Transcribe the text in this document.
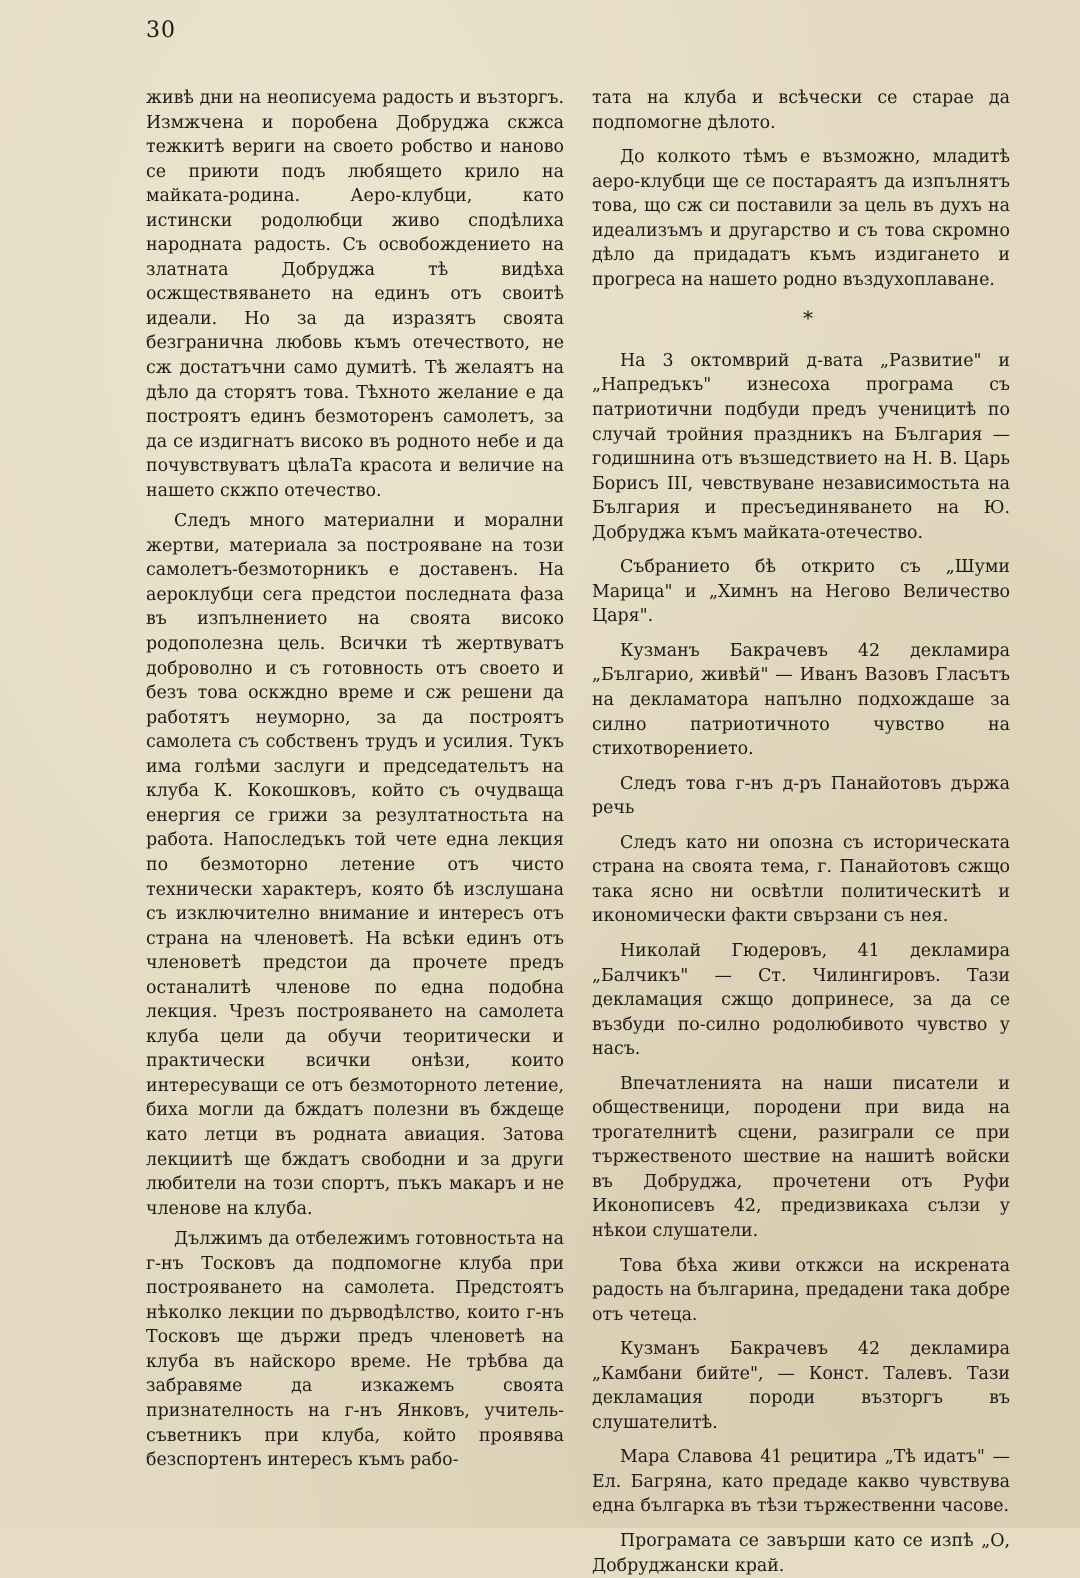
30

живѣ дни на неописуема радость и възторгъ. Измжчена и поробена Добруджа скжса тежкитѣ вериги на своето робство и наново се приюти подъ любящето крило на майката-родина. Аеро-клубци, като истински родолюбци живо сподѣлиха народната радость. Съ освобождението на златната Добруджа тѣ видѣха осжществяването на единъ отъ своитѣ идеали. Но за да изразятъ своята безгранична любовь къмъ отечеството, не сж достатъчни само думитѣ. Тѣ желаятъ на дѣло да сторятъ това. Тѣхното желание е да построятъ единъ безмоторенъ самолетъ, за да се издигнатъ високо въ родното небе и да почувствуватъ цѣлаТа красота и величие на нашето скжпо отечество.

Следъ много материални и морални жертви, материала за построяване на този самолетъ-безмоторникъ е доставенъ. На аероклубци сега предстои последната фаза въ изпълнението на своята високо родополезна цель. Всички тѣ жертвуватъ доброволно и съ готовность отъ своето и безъ това оскждно време и сж решени да работятъ неуморно, за да построятъ самолета съ собственъ трудъ и усилия. Тукъ има голѣми заслуги и председательтъ на клуба К. Кокошковъ, който съ очудваща енергия се грижи за резултатностьта на работа. Напоследъкъ той чете една лекция по безмоторно летение отъ чисто технически характеръ, която бѣ изслушана съ изключително внимание и интересъ отъ страна на членоветѣ. На всѣки единъ отъ членоветѣ предстои да прочете предъ останалитѣ членове по една подобна лекция. Чрезъ построяването на самолета клуба цели да обучи теоритически и практически всички онѣзи, които интересуващи се отъ безмоторното летение, биха могли да бждатъ полезни въ бждеще като летци въ родната авиация. Затова лекциитѣ ще бждатъ свободни и за други любители на този спортъ, пъкъ макаръ и не членове на клуба.

Дължимъ да отбележимъ готовностьта на г-нъ Тосковъ да подпомогне клуба при построяването на самолета. Предстоятъ нѣколко лекции по дърводѣлство, които г-нъ Тосковъ ще държи предъ членоветѣ на клуба въ найскоро време. Не трѣбва да забравяме да изкажемъ своята признателность на г-нъ Янковъ, учитель-съветникъ при клуба, който проявява безспортенъ интересъ къмъ рабо-

тата на клуба и всѣчески се старае да подпомогне дѣлото.

До колкото тѣмъ е възможно, младитѣ аеро-клубци ще се постараятъ да изпълнятъ това, що сж си поставили за цель въ духъ на идеализъмъ и другарство и съ това скромно дѣло да придадатъ къмъ издигането и прогреса на нашето родно въздухоплаване.

*

На 3 октомврий д-вата „Развитие" и „Напредъкъ" изнесоха програма съ патриотични подбуди предъ ученицитѣ по случай тройния праздникъ на България — годишнина отъ възшедствието на Н. В. Царь Борисъ III, чевствуване независимостьта на България и пресъединяването на Ю. Добруджа къмъ майката-отечество.

Събранието бѣ открито съ „Шуми Марица" и „Химнъ на Негово Величество Царя".

Кузманъ Бакрачевъ 42 декламира „Българио, живѣй" — Иванъ Вазовъ Гласътъ на декламатора напълно подхождаше за силно патриотичното чувство на стихотворението.

Следъ това г-нъ д-ръ Панайотовъ държа речь

Следъ като ни опозна съ историческата страна на своята тема, г. Панайотовъ сжщо така ясно ни освѣтли политическитѣ и икономически факти свързани съ нея.

Николай Гюдеровъ, 41 декламира „Балчикъ" — Ст. Чилингировъ. Тази декламация сжщо допринесе, за да се възбуди по-силно родолюбивото чувство у насъ.

Впечатленията на наши писатели и общественици, породени при вида на трогателнитѣ сцени, разиграли се при тържественото шествие на нашитѣ войски въ Добруджа, прочетени отъ Руфи Иконописевъ 42, предизвикаха сълзи у нѣкои слушатели.

Това бѣха живи откжси на искрената радость на българина, предадени така добре отъ четеца.

Кузманъ Бакрачевъ 42 декламира „Камбани бийте", — Конст. Талевъ. Тази декламация породи възторгъ въ слушателитѣ.

Мара Славова 41 рецитира „Тѣ идатъ" — Ел. Багряна, като предаде какво чувствува една българка въ тѣзи тържественни часове.

Програмата се завърши като се изпѣ „О, Добруджански край.
